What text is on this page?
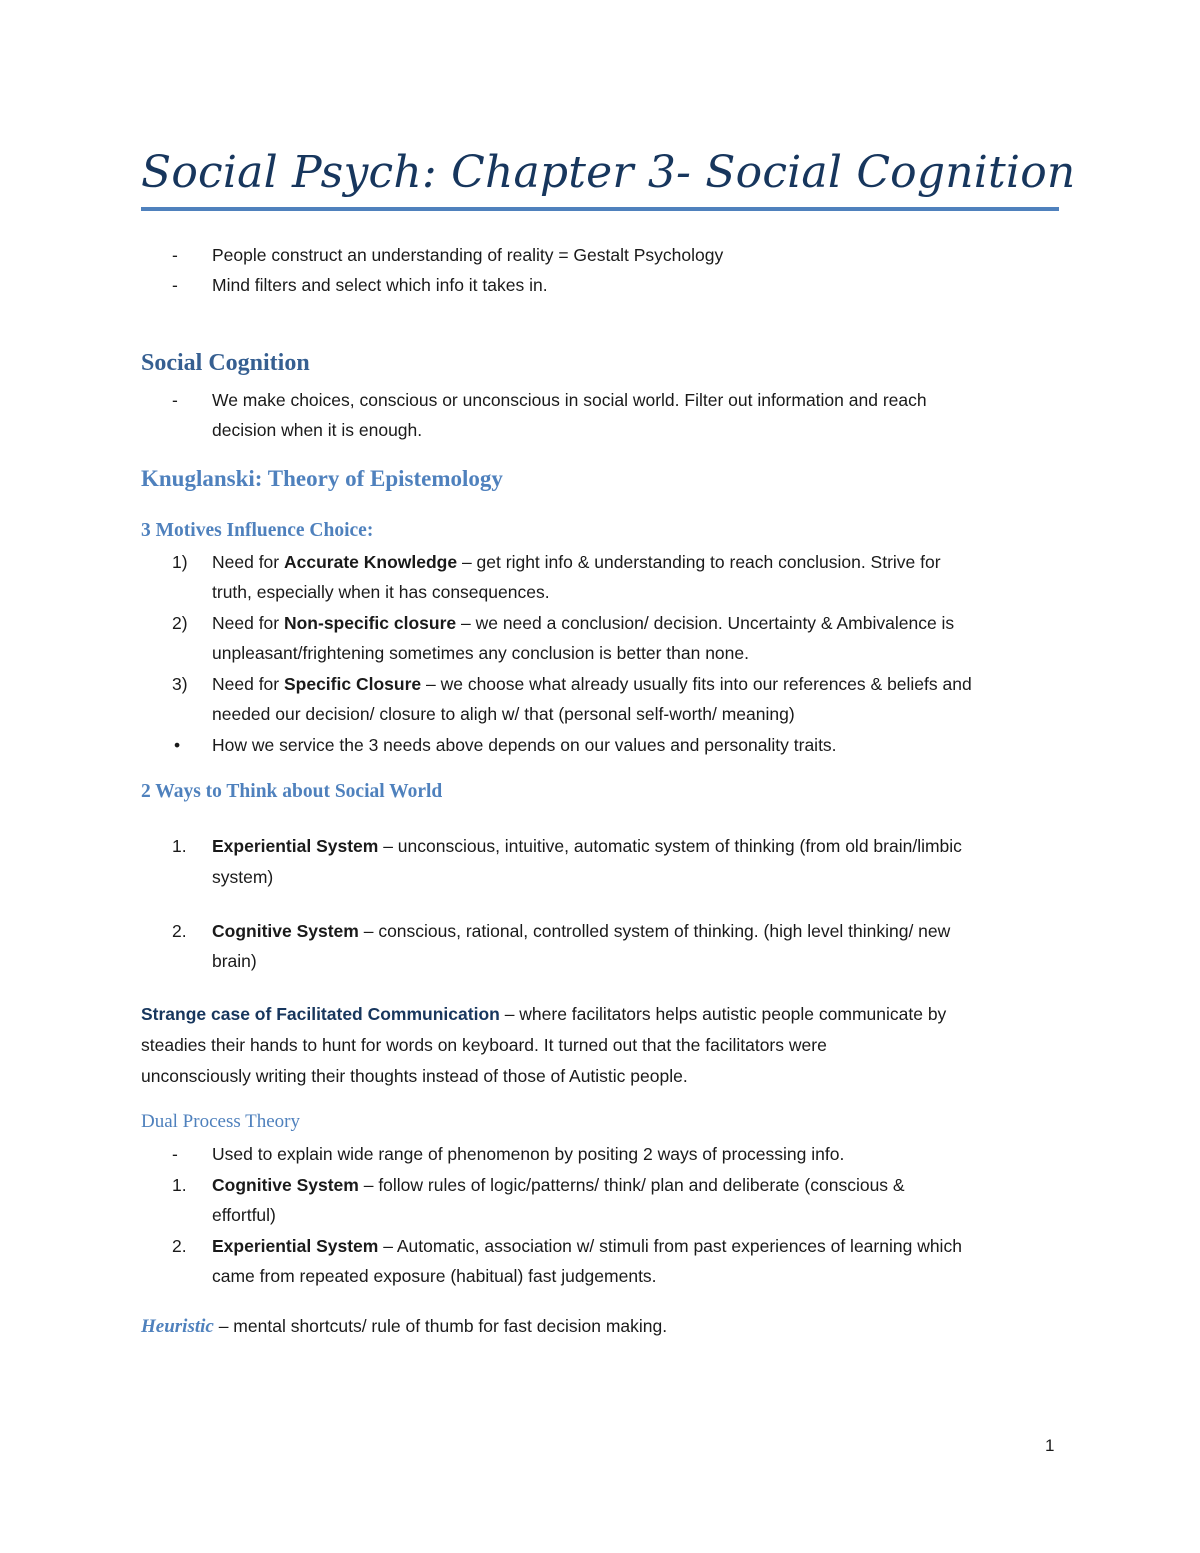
Social Psych: Chapter 3- Social Cognition
-	People construct an understanding of reality = Gestalt Psychology
-	Mind filters and select which info it takes in.
Social Cognition
-	We make choices, conscious or unconscious in social world. Filter out information and reach
decision when it is enough.
Knuglanski: Theory of Epistemology
3 Motives Influence Choice:
1)	Need for Accurate Knowledge – get right info & understanding to reach conclusion. Strive for
truth, especially when it has consequences.
2)	Need for Non-specific closure – we need a conclusion/ decision. Uncertainty & Ambivalence is
unpleasant/frightening sometimes any conclusion is better than none.
3)	Need for Specific Closure – we choose what already usually fits into our references & beliefs and
needed our decision/ closure to aligh w/ that (personal self-worth/ meaning)
•	How we service the 3 needs above depends on our values and personality traits.
2 Ways to Think about Social World
1.	Experiential System – unconscious, intuitive, automatic system of thinking (from old brain/limbic
system)
2.	Cognitive System – conscious, rational, controlled system of thinking. (high level thinking/ new
brain)
Strange case of Facilitated Communication – where facilitators helps autistic people communicate by
steadies their hands to hunt for words on keyboard. It turned out that the facilitators were
unconsciously writing their thoughts instead of those of Autistic people.
Dual Process Theory
-	Used to explain wide range of phenomenon by positing 2 ways of processing info.
1.	Cognitive System – follow rules of logic/patterns/ think/ plan and deliberate (conscious &
effortful)
2.	Experiential System – Automatic, association w/ stimuli from past experiences of learning which
came from repeated exposure (habitual) fast judgements.
Heuristic – mental shortcuts/ rule of thumb for fast decision making.
1
